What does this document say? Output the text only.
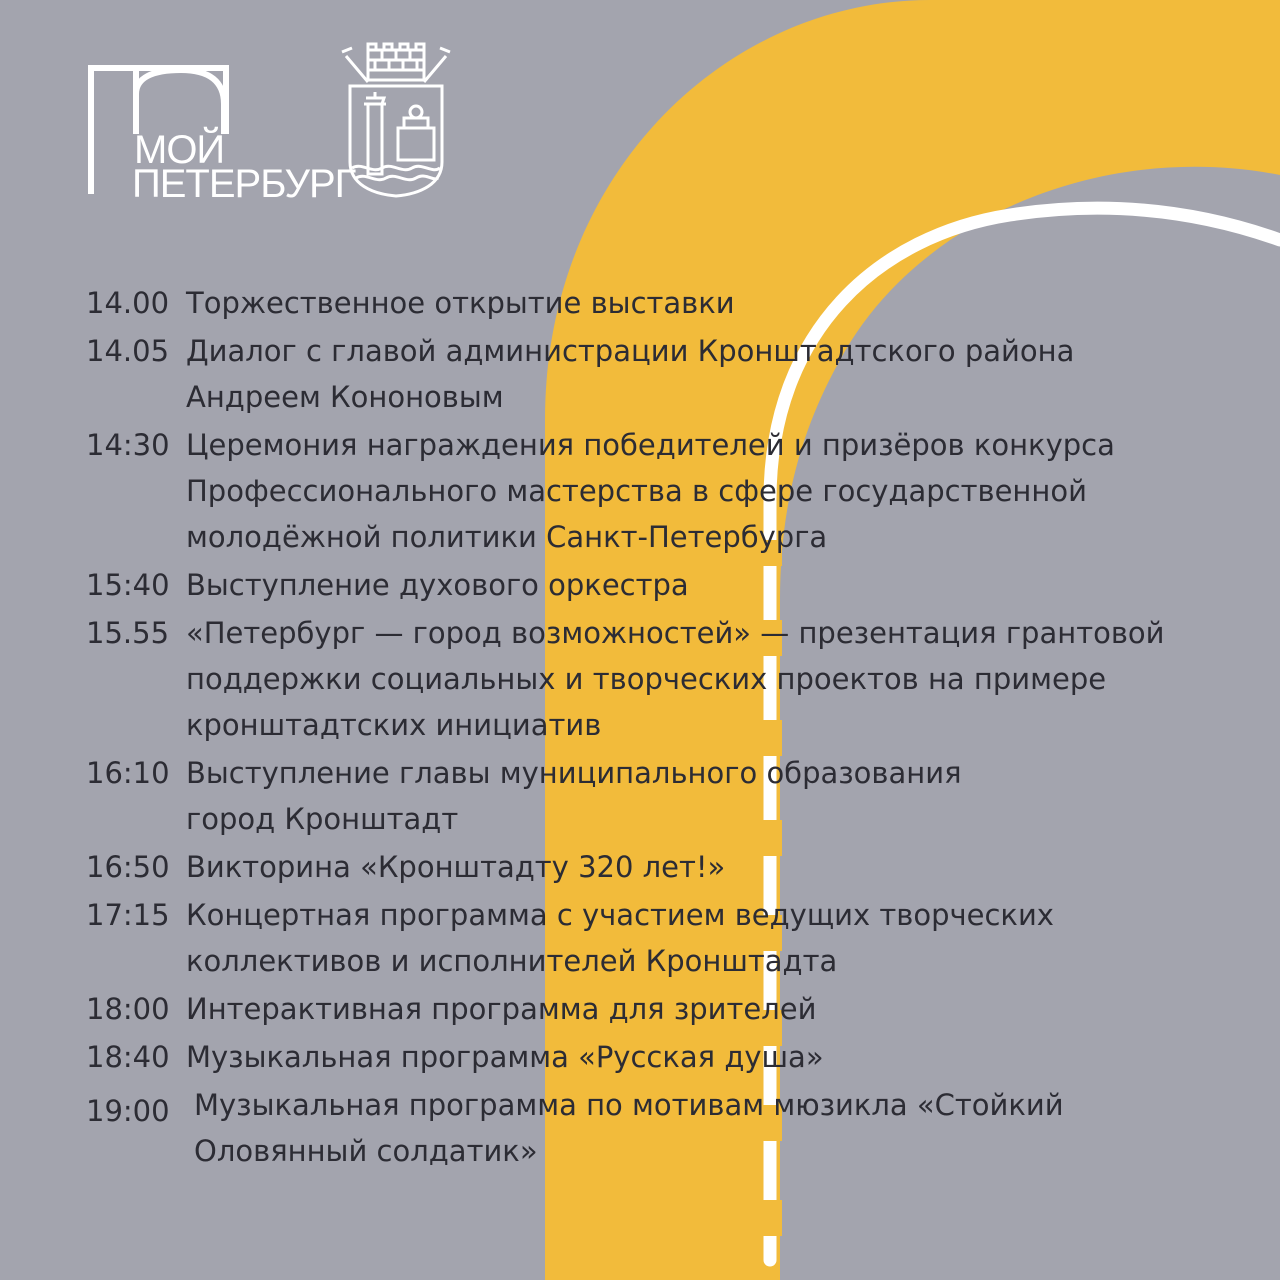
МОЙ
ПЕТЕРБУРГ
14.00 Торжественное открытие выставки
14.05 Диалог с главой администрации Кронштадтского района
Андреем Кононовым
14:30 Церемония награждения победителей и призёров конкурса
Профессионального мастерства в сфере государственной
молодёжной политики Санкт-Петербурга
15:40 Выступление духового оркестра
15.55 «Петербург — город возможностей» — презентация грантовой
поддержки социальных и творческих проектов на примере
кронштадтских инициатив
16:10 Выступление главы муниципального образования
город Кронштадт
16:50 Викторина «Кронштадту 320 лет!»
17:15 Концертная программа с участием ведущих творческих
коллективов и исполнителей Кронштадта
18:00 Интерактивная программа для зрителей
18:40 Музыкальная программа «Русская душа»
19:00 Музыкальная программа по мотивам мюзикла «Стойкий
Оловянный солдатик»
